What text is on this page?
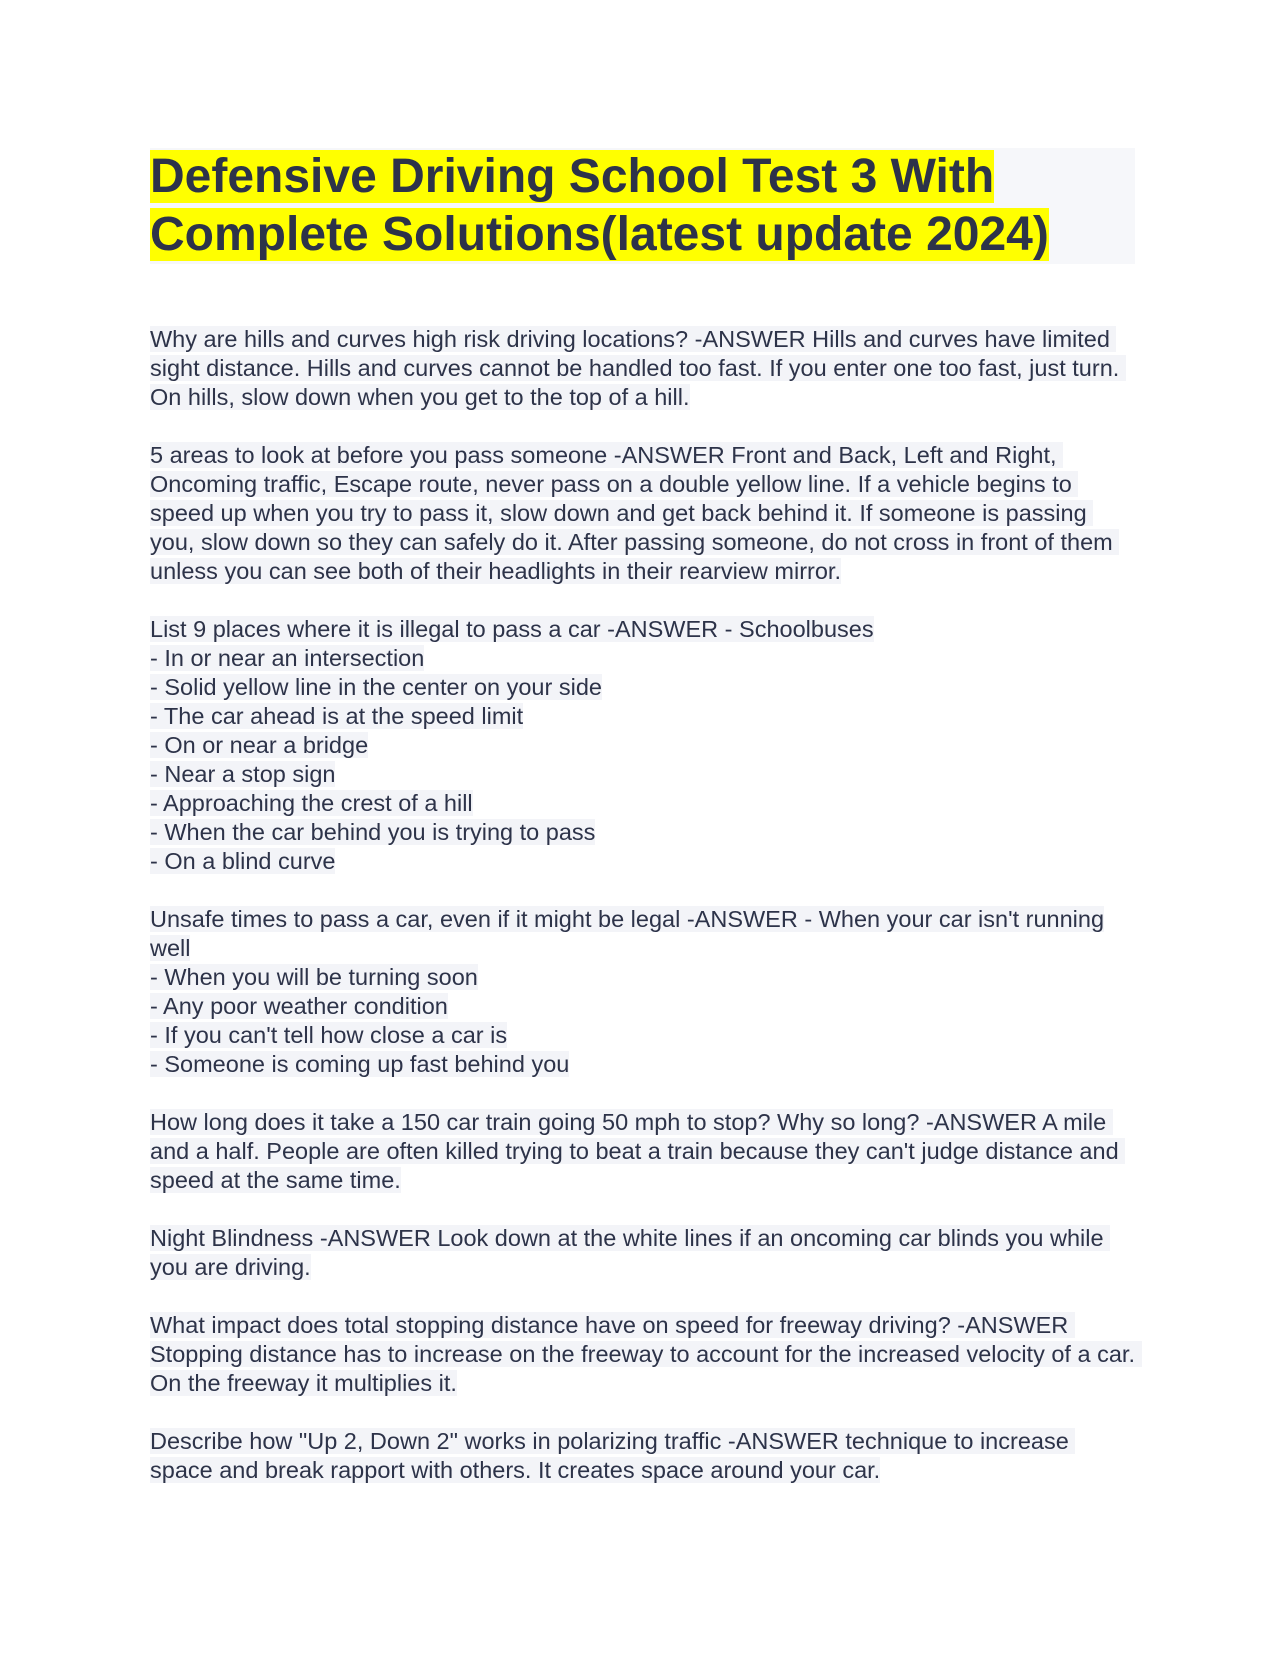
Defensive Driving School Test 3 With
Complete Solutions(latest update 2024)

Why are hills and curves high risk driving locations? -ANSWER Hills and curves have limited sight distance. Hills and curves cannot be handled too fast. If you enter one too fast, just turn. On hills, slow down when you get to the top of a hill.

5 areas to look at before you pass someone -ANSWER Front and Back, Left and Right, Oncoming traffic, Escape route, never pass on a double yellow line. If a vehicle begins to speed up when you try to pass it, slow down and get back behind it. If someone is passing you, slow down so they can safely do it. After passing someone, do not cross in front of them unless you can see both of their headlights in their rearview mirror.

List 9 places where it is illegal to pass a car -ANSWER - Schoolbuses
- In or near an intersection
- Solid yellow line in the center on your side
- The car ahead is at the speed limit
- On or near a bridge
- Near a stop sign
- Approaching the crest of a hill
- When the car behind you is trying to pass
- On a blind curve
Unsafe times to pass a car, even if it might be legal -ANSWER - When your car isn't running well
- When you will be turning soon
- Any poor weather condition
- If you can't tell how close a car is
- Someone is coming up fast behind you

How long does it take a 150 car train going 50 mph to stop? Why so long? -ANSWER A mile and a half. People are often killed trying to beat a train because they can't judge distance and speed at the same time.

Night Blindness -ANSWER Look down at the white lines if an oncoming car blinds you while you are driving.

What impact does total stopping distance have on speed for freeway driving? -ANSWER Stopping distance has to increase on the freeway to account for the increased velocity of a car. On the freeway it multiplies it.

Describe how "Up 2, Down 2" works in polarizing traffic -ANSWER technique to increase space and break rapport with others. It creates space around your car.
